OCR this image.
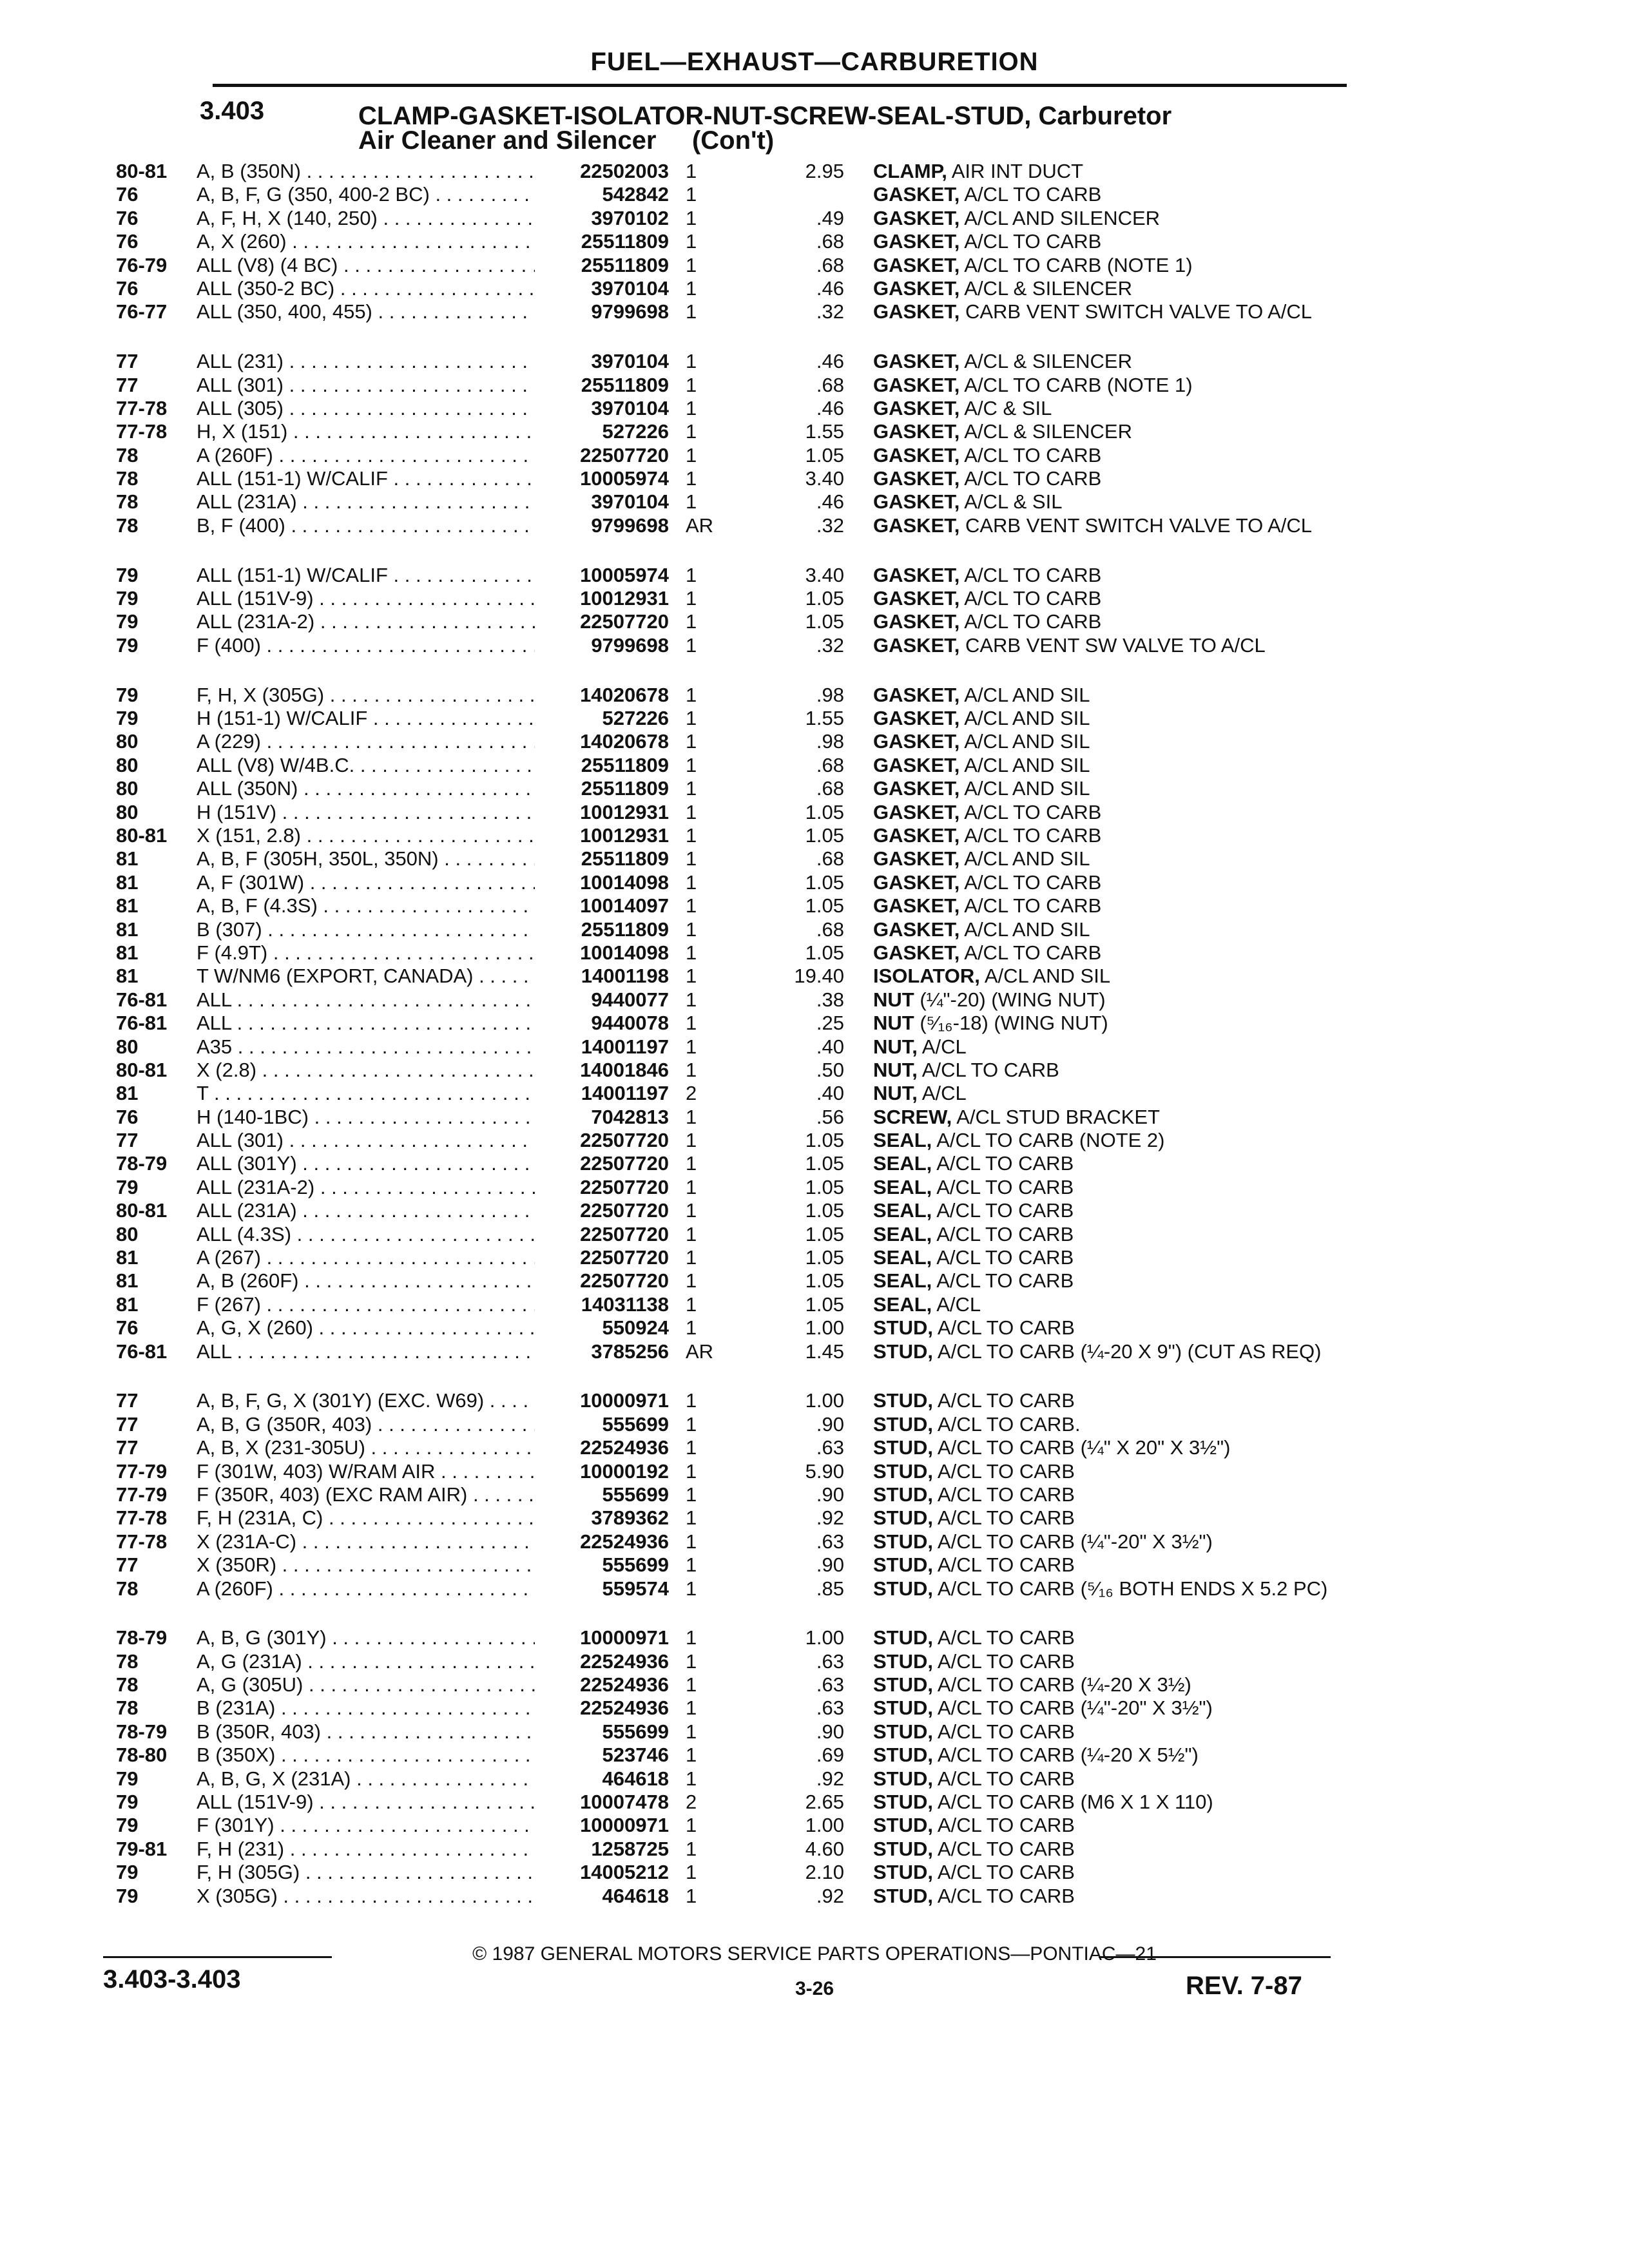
FUEL—EXHAUST—CARBURETION
3.403	CLAMP-GASKET-ISOLATOR-NUT-SCREW-SEAL-STUD, Carburetor
Air Cleaner and Silencer     (Con't)
80-81	A, B (350N) . . .	22502003 1	2.95 CLAMP, AIR INT DUCT
76	A, B, F, G (350, 400-2 BC) . . .	542842 1	GASKET, A/CL TO CARB
76	A, F, H, X (140, 250) . . .	3970102 1	.49 GASKET, A/CL AND SILENCER
76	A, X (260) . . .	25511809 1	.68 GASKET, A/CL TO CARB
76-79	ALL (V8) (4 BC) . . .	25511809 1	.68 GASKET, A/CL TO CARB (NOTE 1)
76	ALL (350-2 BC) . . .	3970104 1	.46 GASKET, A/CL & SILENCER
76-77	ALL (350, 400, 455) . . .	9799698 1	.32 GASKET, CARB VENT SWITCH VALVE TO A/CL
77	ALL (231) . . .	3970104 1	.46 GASKET, A/CL & SILENCER
77	ALL (301) . . .	25511809 1	.68 GASKET, A/CL TO CARB (NOTE 1)
77-78	ALL (305) . . .	3970104 1	.46 GASKET, A/C & SIL
77-78	H, X (151) . . .	527226 1	1.55 GASKET, A/CL & SILENCER
78	A (260F) . . .	22507720 1	1.05 GASKET, A/CL TO CARB
78	ALL (151-1) W/CALIF . . .	10005974 1	3.40 GASKET, A/CL TO CARB
78	ALL (231A) . . .	3970104 1	.46 GASKET, A/CL & SIL
78	B, F (400) . . .	9799698 AR	.32 GASKET, CARB VENT SWITCH VALVE TO A/CL
79	ALL (151-1) W/CALIF . . .	10005974 1	3.40 GASKET, A/CL TO CARB
79	ALL (151V-9) . . .	10012931 1	1.05 GASKET, A/CL TO CARB
79	ALL (231A-2) . . .	22507720 1	1.05 GASKET, A/CL TO CARB
79	F (400) . . .	9799698 1	.32 GASKET, CARB VENT SW VALVE TO A/CL
79	F, H, X (305G) . . .	14020678 1	.98 GASKET, A/CL AND SIL
79	H (151-1) W/CALIF . . .	527226 1	1.55 GASKET, A/CL AND SIL
80	A (229) . . .	14020678 1	.98 GASKET, A/CL AND SIL
80	ALL (V8) W/4B.C. . . .	25511809 1	.68 GASKET, A/CL AND SIL
80	ALL (350N) . . .	25511809 1	.68 GASKET, A/CL AND SIL
80	H (151V) . . .	10012931 1	1.05 GASKET, A/CL TO CARB
80-81	X (151, 2.8) . . .	10012931 1	1.05 GASKET, A/CL TO CARB
81	A, B, F (305H, 350L, 350N) . . .	25511809 1	.68 GASKET, A/CL AND SIL
81	A, F (301W) . . .	10014098 1	1.05 GASKET, A/CL TO CARB
81	A, B, F (4.3S) . . .	10014097 1	1.05 GASKET, A/CL TO CARB
81	B (307) . . .	25511809 1	.68 GASKET, A/CL AND SIL
81	F (4.9T) . . .	10014098 1	1.05 GASKET, A/CL TO CARB
81	T W/NM6 (EXPORT, CANADA) . . .	14001198 1	19.40 ISOLATOR, A/CL AND SIL
76-81	ALL . . .	9440077 1	.38 NUT (¼"-20) (WING NUT)
76-81	ALL . . .	9440078 1	.25 NUT (⁵⁄₁₆-18) (WING NUT)
80	A35 . . .	14001197 1	.40 NUT, A/CL
80-81	X (2.8) . . .	14001846 1	.50 NUT, A/CL TO CARB
81	T . . .	14001197 2	.40 NUT, A/CL
76	H (140-1BC) . . .	7042813 1	.56 SCREW, A/CL STUD BRACKET
77	ALL (301) . . .	22507720 1	1.05 SEAL, A/CL TO CARB (NOTE 2)
78-79	ALL (301Y) . . .	22507720 1	1.05 SEAL, A/CL TO CARB
79	ALL (231A-2) . . .	22507720 1	1.05 SEAL, A/CL TO CARB
80-81	ALL (231A) . . .	22507720 1	1.05 SEAL, A/CL TO CARB
80	ALL (4.3S) . . .	22507720 1	1.05 SEAL, A/CL TO CARB
81	A (267) . . .	22507720 1	1.05 SEAL, A/CL TO CARB
81	A, B (260F) . . .	22507720 1	1.05 SEAL, A/CL TO CARB
81	F (267) . . .	14031138 1	1.05 SEAL, A/CL
76	A, G, X (260) . . .	550924 1	1.00 STUD, A/CL TO CARB
76-81	ALL . . .	3785256 AR	1.45 STUD, A/CL TO CARB (¼-20 X 9") (CUT AS REQ)
77	A, B, F, G, X (301Y) (EXC. W69) . . .	10000971 1	1.00 STUD, A/CL TO CARB
77	A, B, G (350R, 403) . . .	555699 1	.90 STUD, A/CL TO CARB.
77	A, B, X (231-305U) . . .	22524936 1	.63 STUD, A/CL TO CARB (¼" X 20" X 3½")
77-79	F (301W, 403) W/RAM AIR . . .	10000192 1	5.90 STUD, A/CL TO CARB
77-79	F (350R, 403) (EXC RAM AIR) . . .	555699 1	.90 STUD, A/CL TO CARB
77-78	F, H (231A, C) . . .	3789362 1	.92 STUD, A/CL TO CARB
77-78	X (231A-C) . . .	22524936 1	.63 STUD, A/CL TO CARB (¼"-20" X 3½")
77	X (350R) . . .	555699 1	.90 STUD, A/CL TO CARB
78	A (260F) . . .	559574 1	.85 STUD, A/CL TO CARB (⁵⁄₁₆ BOTH ENDS X 5.2 PC)
78-79	A, B, G (301Y) . . .	10000971 1	1.00 STUD, A/CL TO CARB
78	A, G (231A) . . .	22524936 1	.63 STUD, A/CL TO CARB
78	A, G (305U) . . .	22524936 1	.63 STUD, A/CL TO CARB (¼-20 X 3½)
78	B (231A) . . .	22524936 1	.63 STUD, A/CL TO CARB (¼"-20" X 3½")
78-79	B (350R, 403) . . .	555699 1	.90 STUD, A/CL TO CARB
78-80	B (350X) . . .	523746 1	.69 STUD, A/CL TO CARB (¼-20 X 5½")
79	A, B, G, X (231A) . . .	464618 1	.92 STUD, A/CL TO CARB
79	ALL (151V-9) . . .	10007478 2	2.65 STUD, A/CL TO CARB (M6 X 1 X 110)
79	F (301Y) . . .	10000971 1	1.00 STUD, A/CL TO CARB
79-81	F, H (231) . . .	1258725 1	4.60 STUD, A/CL TO CARB
79	F, H (305G) . . .	14005212 1	2.10 STUD, A/CL TO CARB
79	X (305G) . . .	464618 1	.92 STUD, A/CL TO CARB
© 1987 GENERAL MOTORS SERVICE PARTS OPERATIONS—PONTIAC—21
3.403-3.403	3-26	REV. 7-87
